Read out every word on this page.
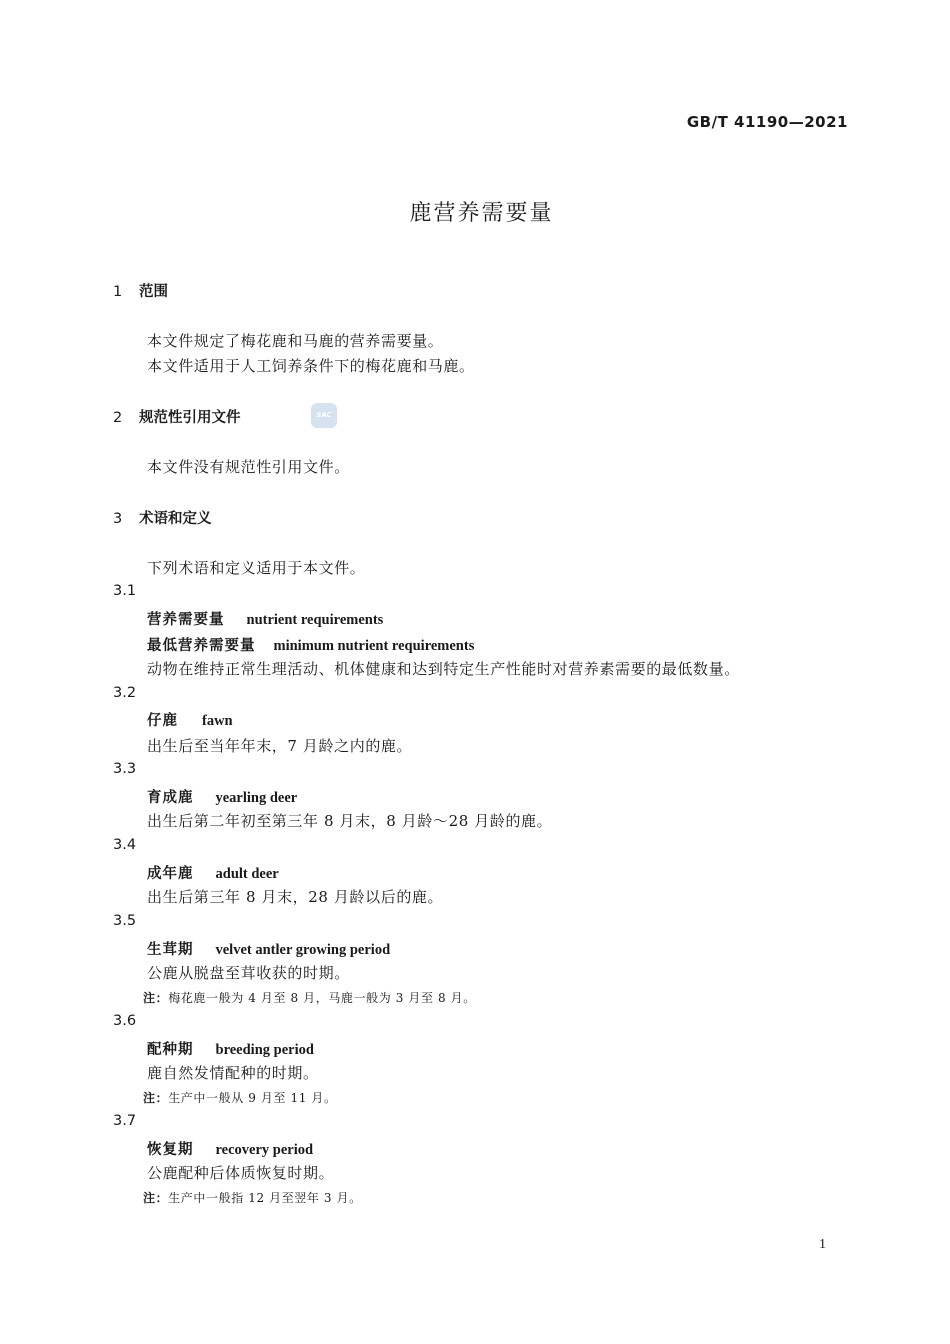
GB/T 41190—2021
鹿营养需要量
1 范围
本文件规定了梅花鹿和马鹿的营养需要量。
本文件适用于人工饲养条件下的梅花鹿和马鹿。
2 规范性引用文件	SAC
本文件没有规范性引用文件。
3 术语和定义
下列术语和定义适用于本文件。
3.1
营养需要量 nutrient requirements
最低营养需要量 minimum nutrient requirements
动物在维持正常生理活动、机体健康和达到特定生产性能时对营养素需要的最低数量。
3.2
仔鹿 fawn
出生后至当年年末，7 月龄之内的鹿。
3.3
育成鹿 yearling deer
出生后第二年初至第三年 8 月末，8 月龄～28 月龄的鹿。
3.4
成年鹿 adult deer
出生后第三年 8 月末，28 月龄以后的鹿。
3.5
生茸期 velvet antler growing period
公鹿从脱盘至茸收获的时期。
注：梅花鹿一般为 4 月至 8 月，马鹿一般为 3 月至 8 月。
3.6
配种期 breeding period
鹿自然发情配种的时期。
注：生产中一般从 9 月至 11 月。
3.7
恢复期 recovery period
公鹿配种后体质恢复时期。
注：生产中一般指 12 月至翌年 3 月。
1
